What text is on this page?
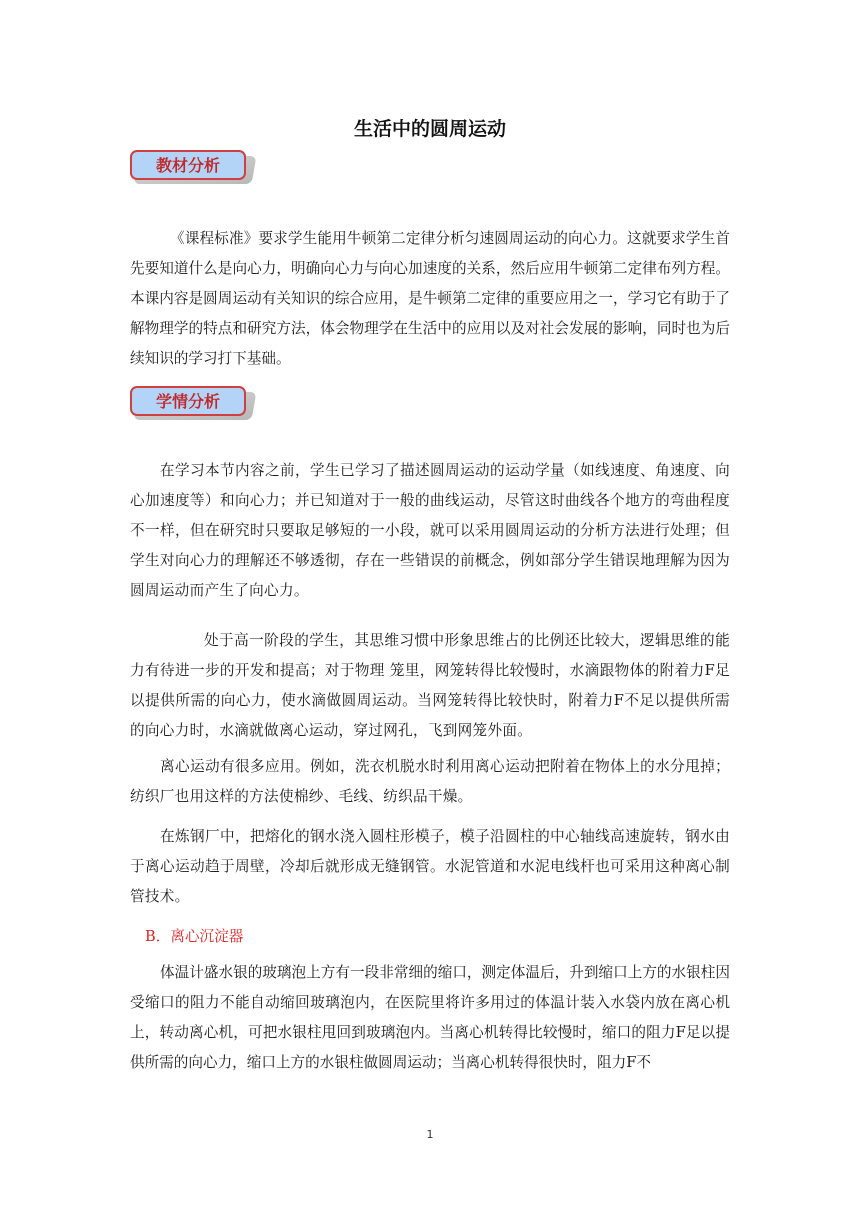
生活中的圆周运动
教材分析

《课程标准》要求学生能用牛顿第二定律分析匀速圆周运动的向心力。这就要求学生首先要知道什么是向心力，明确向心力与向心加速度的关系，然后应用牛顿第二定律布列方程。本课内容是圆周运动有关知识的综合应用，是牛顿第二定律的重要应用之一，学习它有助于了解物理学的特点和研究方法，体会物理学在生活中的应用以及对社会发展的影响，同时也为后续知识的学习打下基础。

学情分析

在学习本节内容之前，学生已学习了描述圆周运动的运动学量（如线速度、角速度、向心加速度等）和向心力；并已知道对于一般的曲线运动，尽管这时曲线各个地方的弯曲程度不一样，但在研究时只要取足够短的一小段，就可以采用圆周运动的分析方法进行处理；但学生对向心力的理解还不够透彻，存在一些错误的前概念，例如部分学生错误地理解为因为圆周运动而产生了向心力。

处于高一阶段的学生，其思维习惯中形象思维占的比例还比较大，逻辑思维的能力有待进一步的开发和提高；对于物理 笼里，网笼转得比较慢时，水滴跟物体的附着力F足以提供所需的向心力，使水滴做圆周运动。当网笼转得比较快时，附着力F不足以提供所需的向心力时，水滴就做离心运动，穿过网孔，飞到网笼外面。

离心运动有很多应用。例如，洗衣机脱水时利用离心运动把附着在物体上的水分甩掉；纺织厂也用这样的方法使棉纱、毛线、纺织品干燥。

在炼钢厂中，把熔化的钢水浇入圆柱形模子，模子沿圆柱的中心轴线高速旋转，钢水由于离心运动趋于周壁，冷却后就形成无缝钢管。水泥管道和水泥电线杆也可采用这种离心制管技术。

B．离心沉淀器

体温计盛水银的玻璃泡上方有一段非常细的缩口，测定体温后，升到缩口上方的水银柱因受缩口的阻力不能自动缩回玻璃泡内，在医院里将许多用过的体温计装入水袋内放在离心机上，转动离心机，可把水银柱甩回到玻璃泡内。当离心机转得比较慢时，缩口的阻力F足以提供所需的向心力，缩口上方的水银柱做圆周运动；当离心机转得很快时，阻力F不

1
